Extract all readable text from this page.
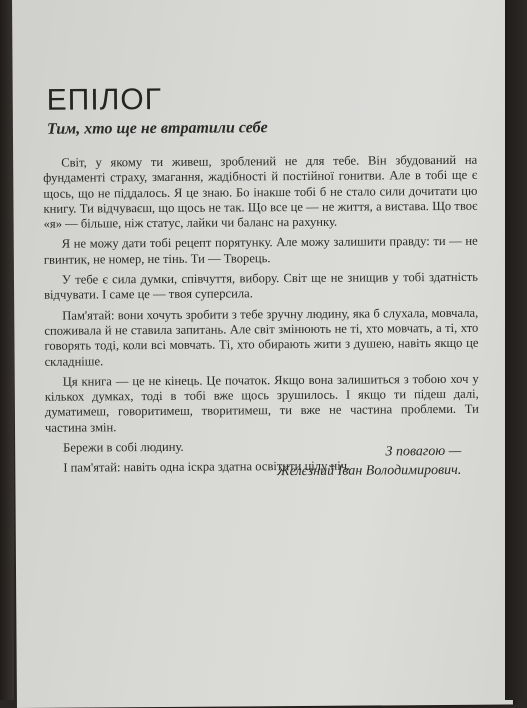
ЕПІЛОГ
Тим, хто ще не втратили себе

Світ, у якому ти живеш, зроблений не для тебе. Він збудований на фундаменті страху, змагання, жадібності й постійної гонитви. Але в тобі ще є щось, що не піддалось. Я це знаю. Бо інакше тобі б не стало сили дочитати цю книгу. Ти відчуваєш, що щось не так. Що все це — не життя, а вистава. Що твоє «я» — більше, ніж статус, лайки чи баланс на рахунку.

Я не можу дати тобі рецепт порятунку. Але можу залишити правду: ти — не гвинтик, не номер, не тінь. Ти — Творець.

У тебе є сила думки, співчуття, вибору. Світ ще не знищив у тобі здатність відчувати. І саме це — твоя суперсила.

Пам'ятай: вони хочуть зробити з тебе зручну людину, яка б слухала, мовчала, споживала й не ставила запитань. Але світ змінюють не ті, хто мовчать, а ті, хто говорять тоді, коли всі мовчать. Ті, хто обирають жити з душею, навіть якщо це складніше.

Ця книга — це не кінець. Це початок. Якщо вона залишиться з тобою хоч у кількох думках, тоді в тобі вже щось зрушилось. І якщо ти підеш далі, думатимеш, говоритимеш, творитимеш, ти вже не частина проблеми. Ти частина змін.

Бережи в собі людину.

І пам'ятай: навіть одна іскра здатна освітити цілу ніч.

З повагою —
Желєзний Іван Володимирович.
